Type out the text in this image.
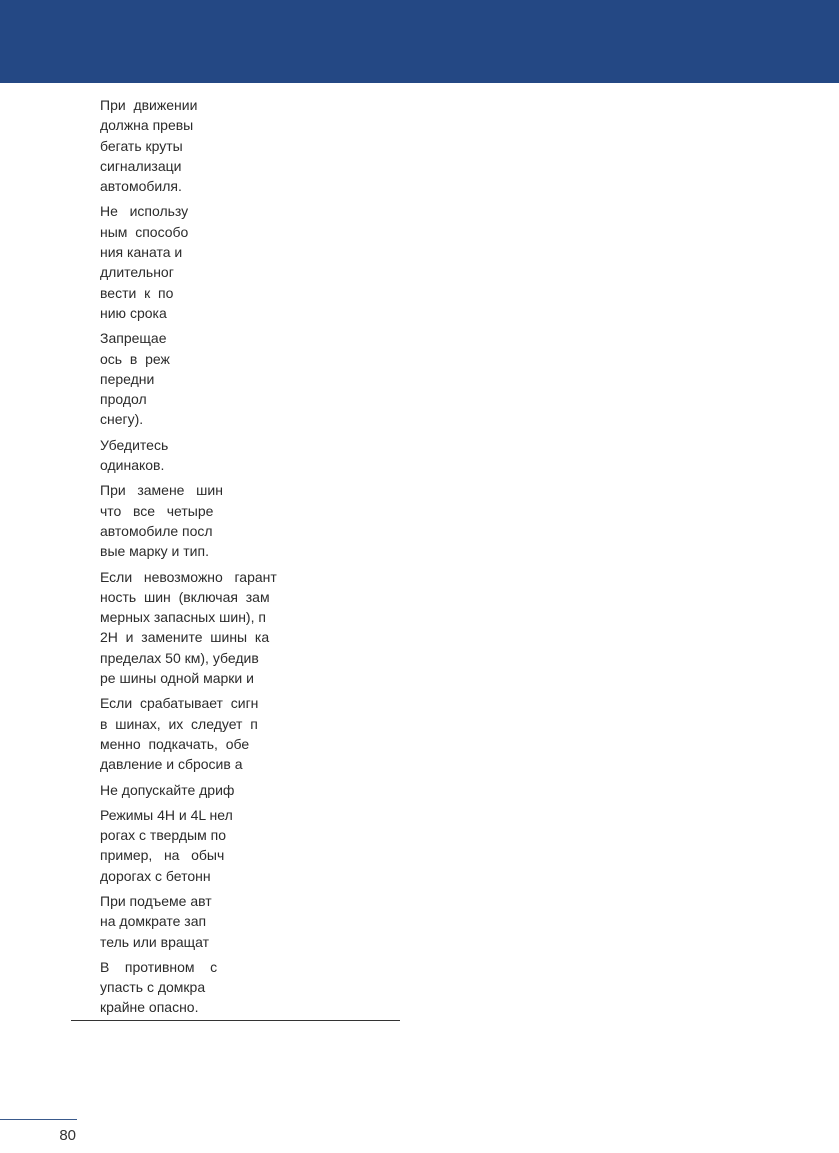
При  движении
должна превы
бегать круты
сигнализаци
автомобиля.
Не   использу
ным  способо
ния каната и
длительног
вести  к  по
нию срока
Запрещае
ось  в  реж
передни
продол
снегу).
Убедитесь
одинаков.
При   замене   шин
что   все   четыре
автомобиле посл
вые марку и тип.
Если   невозможно   гарант
ность  шин  (включая  зам
мерных запасных шин), п
2H  и  замените  шины  ка
пределах 50 км), убедив
ре шины одной марки и
Если  срабатывает  сигн
в  шинах,  их  следует  п
менно  подкачать,  обе
давление и сбросив а
Не допускайте дриф
Режимы 4H и 4L нел
рогах с твердым по
пример,   на   обыч
дорогах с бетонн
При подъеме авт
на домкрате зап
тель или вращат
В    противном    с
упасть с домкра
крайне опасно.
80
